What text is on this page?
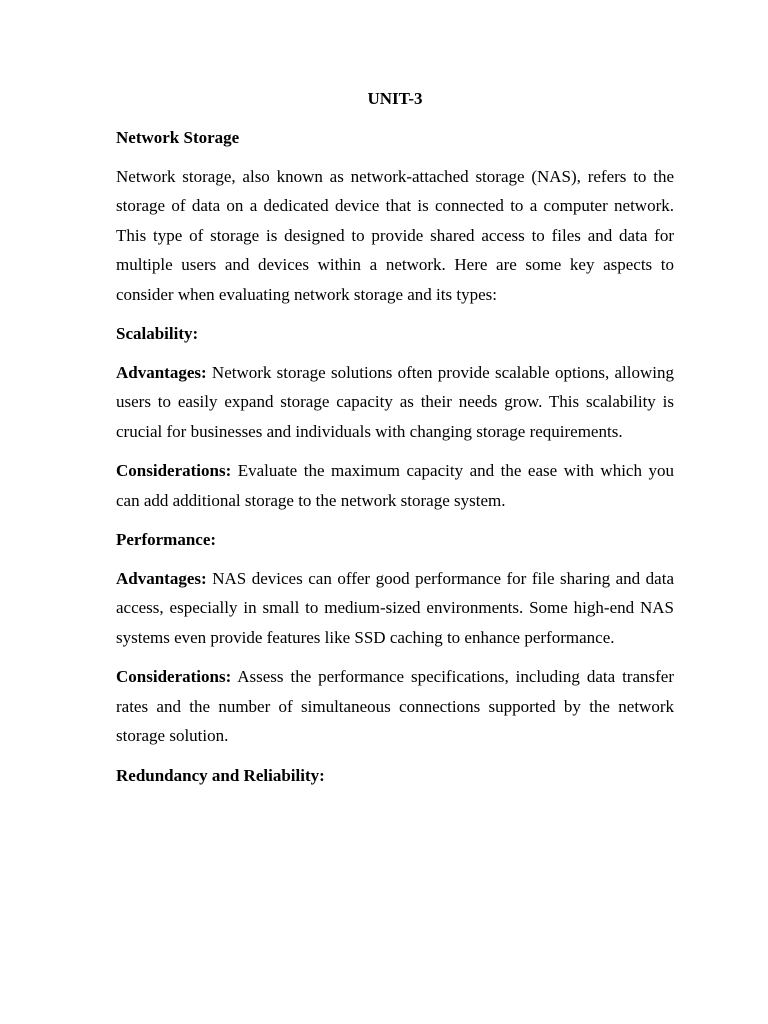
UNIT-3
Network Storage

Network storage, also known as network-attached storage (NAS), refers to the storage of data on a dedicated device that is connected to a computer network. This type of storage is designed to provide shared access to files and data for multiple users and devices within a network. Here are some key aspects to consider when evaluating network storage and its types:

Scalability:

Advantages: Network storage solutions often provide scalable options, allowing users to easily expand storage capacity as their needs grow. This scalability is crucial for businesses and individuals with changing storage requirements.

Considerations: Evaluate the maximum capacity and the ease with which you can add additional storage to the network storage system.

Performance:

Advantages: NAS devices can offer good performance for file sharing and data access, especially in small to medium-sized environments. Some high-end NAS systems even provide features like SSD caching to enhance performance.

Considerations: Assess the performance specifications, including data transfer rates and the number of simultaneous connections supported by the network storage solution.

Redundancy and Reliability:
